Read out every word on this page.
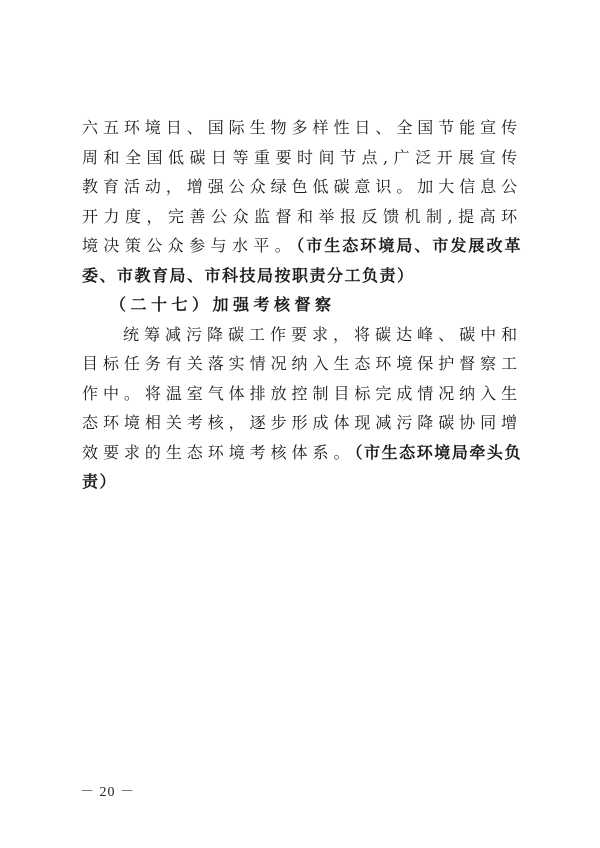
六五环境日、国际生物多样性日、全国节能宣传周和全国低碳日等重要时间节点,广泛开展宣传教育活动，增强公众绿色低碳意识。加大信息公开力度，完善公众监督和举报反馈机制,提高环境决策公众参与水平。（市生态环境局、市发展改革委、市教育局、市科技局按职责分工负责）

（二十七）加强考核督察

统筹减污降碳工作要求，将碳达峰、碳中和目标任务有关落实情况纳入生态环境保护督察工作中。将温室气体排放控制目标完成情况纳入生态环境相关考核，逐步形成体现减污降碳协同增效要求的生态环境考核体系。（市生态环境局牵头负责）

－ 20 －
